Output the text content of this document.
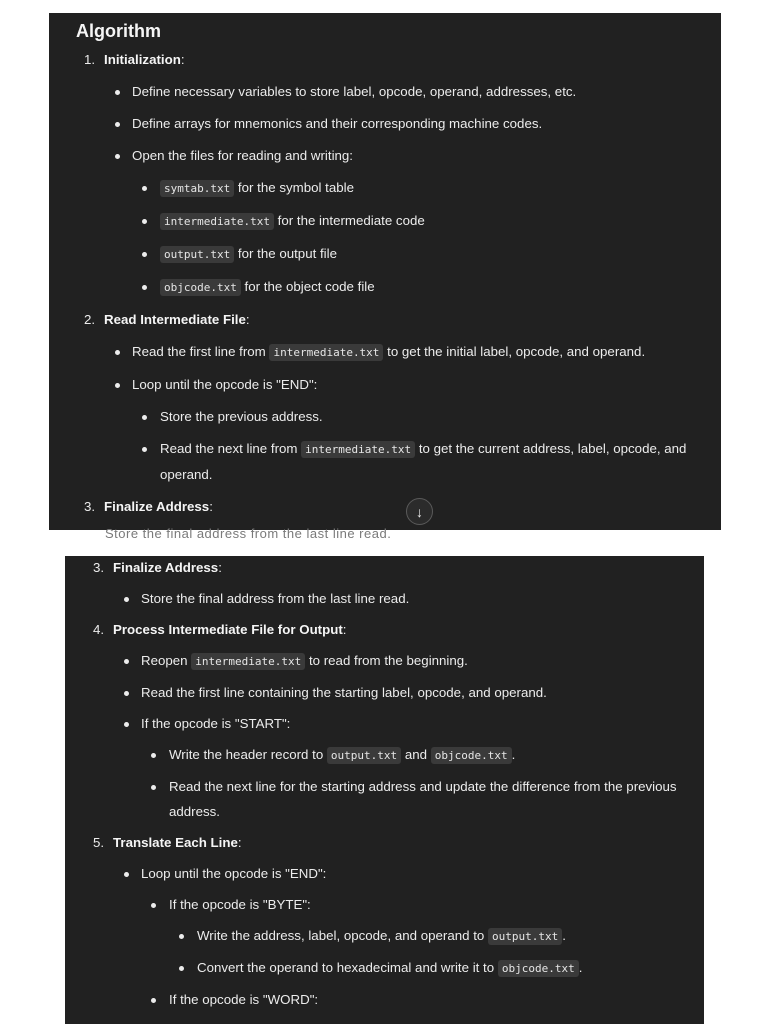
Algorithm
1. Initialization:
Define necessary variables to store label, opcode, operand, addresses, etc.
Define arrays for mnemonics and their corresponding machine codes.
Open the files for reading and writing:
symtab.txt for the symbol table
intermediate.txt for the intermediate code
output.txt for the output file
objcode.txt for the object code file
2. Read Intermediate File:
Read the first line from intermediate.txt to get the initial label, opcode, and operand.
Loop until the opcode is "END":
Store the previous address.
Read the next line from intermediate.txt to get the current address, label, opcode, and operand.
3. Finalize Address:	↓
Store the final address from the last line read.
3. Finalize Address:
Store the final address from the last line read.
4. Process Intermediate File for Output:
Reopen intermediate.txt to read from the beginning.
Read the first line containing the starting label, opcode, and operand.
If the opcode is "START":
Write the header record to output.txt and objcode.txt .
Read the next line for the starting address and update the difference from the previous address.
5. Translate Each Line:
Loop until the opcode is "END":
If the opcode is "BYTE":
Write the address, label, opcode, and operand to output.txt .
Convert the operand to hexadecimal and write it to objcode.txt .
If the opcode is "WORD":
